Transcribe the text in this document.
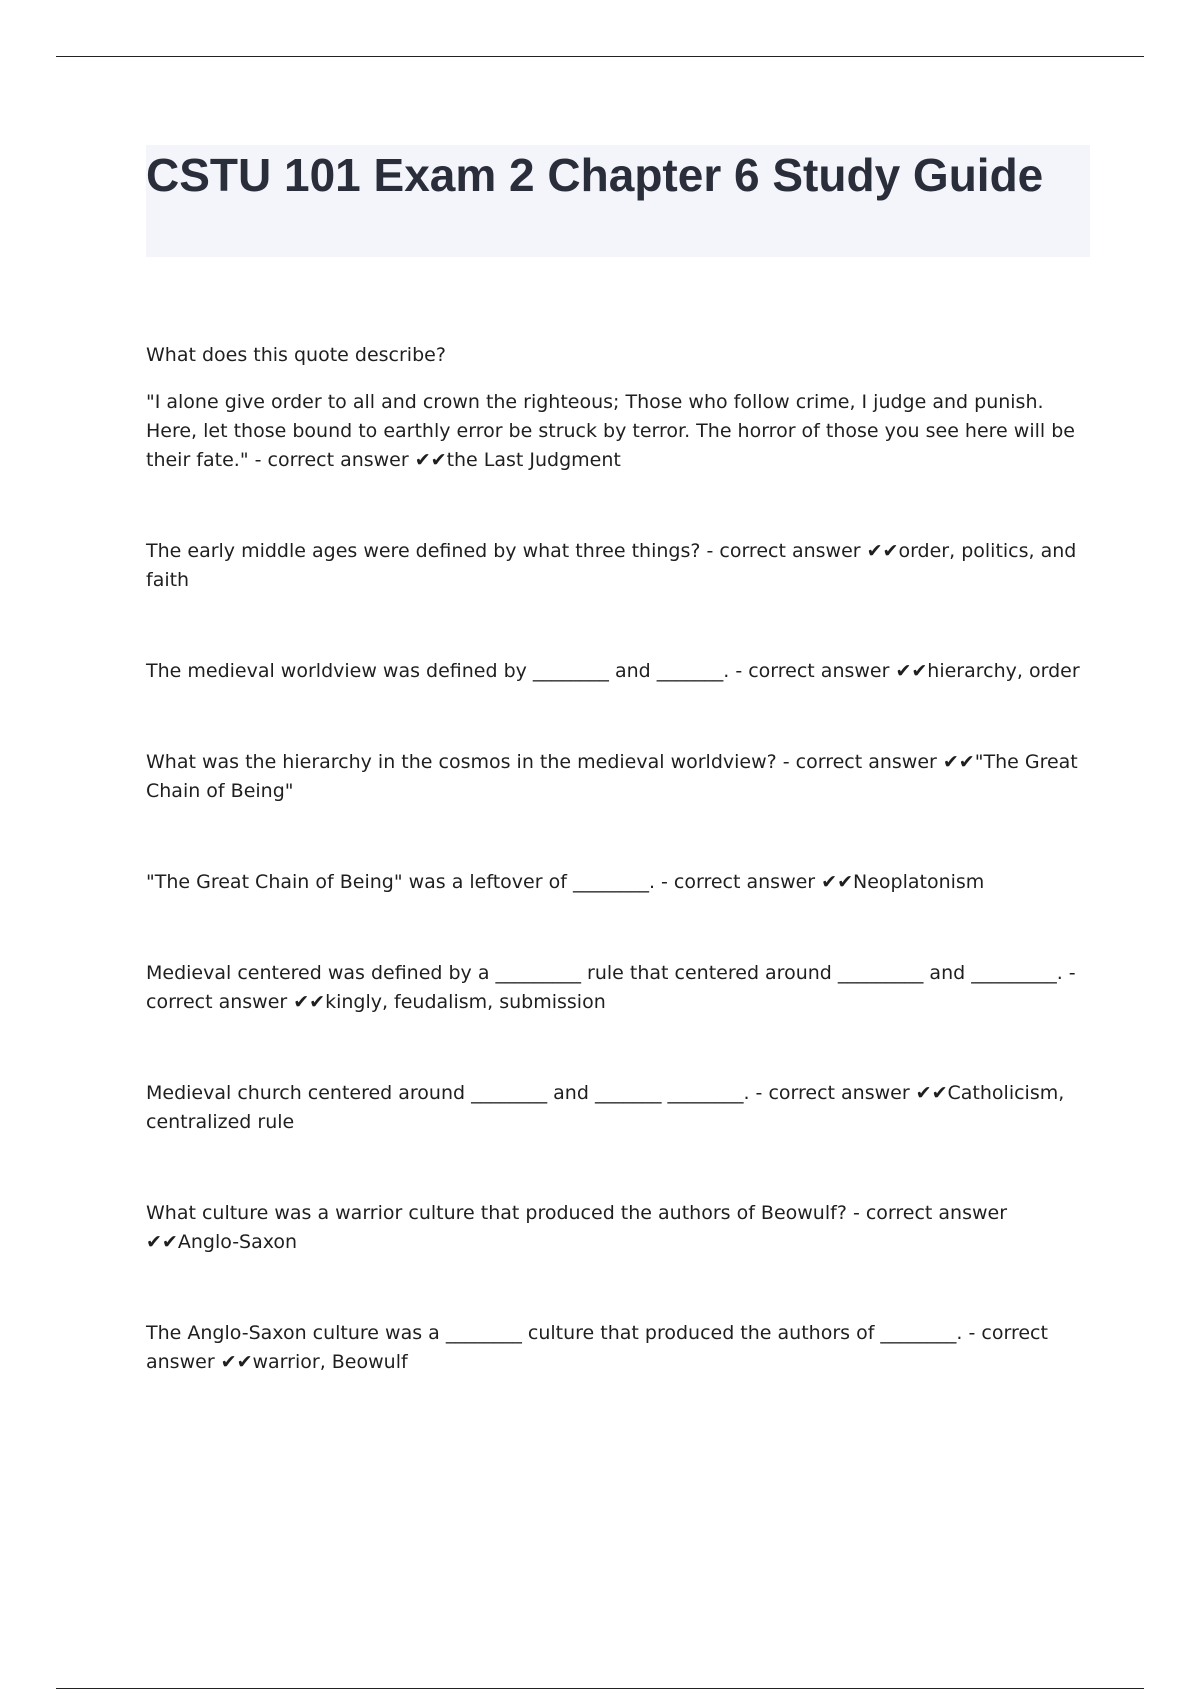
CSTU 101 Exam 2 Chapter 6 Study Guide

What does this quote describe?

"I alone give order to all and crown the righteous; Those who follow crime, I judge and punish. Here, let those bound to earthly error be struck by terror. The horror of those you see here will be their fate." - correct answer ✔✔the Last Judgment

The early middle ages were defined by what three things? - correct answer ✔✔order, politics, and faith

The medieval worldview was defined by ________ and _______. - correct answer ✔✔hierarchy, order

What was the hierarchy in the cosmos in the medieval worldview? - correct answer ✔✔"The Great Chain of Being"

"The Great Chain of Being" was a leftover of ________. - correct answer ✔✔Neoplatonism

Medieval centered was defined by a _________ rule that centered around _________ and _________. - correct answer ✔✔kingly, feudalism, submission

Medieval church centered around ________ and _______ ________. - correct answer ✔✔Catholicism, centralized rule

What culture was a warrior culture that produced the authors of Beowulf? - correct answer ✔✔Anglo-Saxon

The Anglo-Saxon culture was a ________ culture that produced the authors of ________. - correct answer ✔✔warrior, Beowulf
